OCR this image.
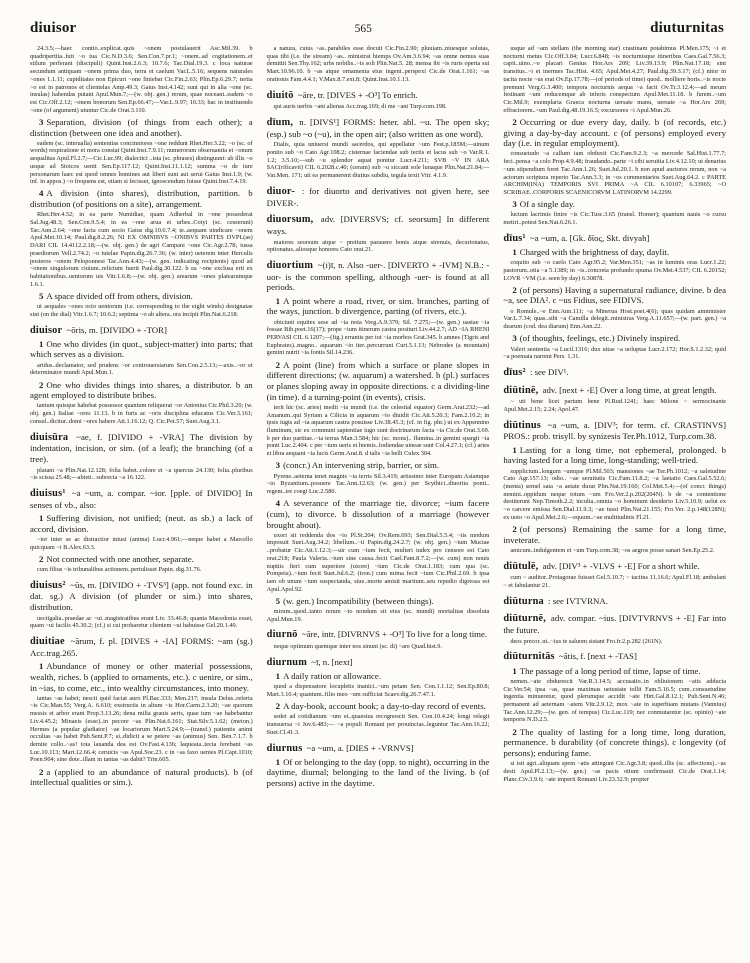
diuisor	565	diuturnitas

24.3.5;—haec contio..explicat..quis ~onem postulauerit Asc.Mil.39. b quadripertita..fuit ~o tua Cic.N.D.3.6; Sen.Con.7.pr.1; ~onem..ad cogitationem..et stilum perferant (discipuli) Quint.Inst.2.6.3; 10.7.6; Tac.Dial.19.3. c loca naturae secundum antiquam ~onem prima duo, terra et caelum Var.L.5.16; sequens naturales ~ones 1.1.11; cupiditates non Epicuri ~one finiebat Cic.Fin.2.63; Plin.Ep.6.29.7; tertia ~o est in patronos et clientelas Amp.49.3; Gaius Inst.4.142; sunt qui in alia ~one (sc. insulas) habendas putant Apul.Mun.7;—(w. obj. gen.) rerum, quae noceant..eadem ~o est Cic.Off.2.12; ~onem bonorum Sen.Ep.66.47;—Var.L.9.97; 10.33; hac in instituendo ~one (of argument) utuntur Cic.de Orat.3.110.

3 Separation, division (of things from each other); a distinction (between one idea and another).

eadem (sc. interualla) sententias concinniores ~one reddunt Rhet.Her.3.22; ~o (sc. of words) respiratione et mora constat Quint.Inst.7.9.11; numerorum obseruantia et ~onum aequalitas Apul.Fl.2.7;—Cic.Luc.99; dialectici ..ista (sc. phrases) distinguunt: ab illis ~o usque ad Stoicos uenit Sen.Ep.117.12; Quint.Inst.11.1.12; summa ~o de iure personarum haec est quod omnes homines aut liberi sunt aut serui Gaius Inst.1.9; (w. inf. in appos.) ~o frequens est, etiam si fecisset, ignoscendum fuisse Quint.Inst.7.4.19.

4 A division (into shares), distribution, partition. b distribution (of positions on a site), arrangement.

Rhet.Her.4.52; in ea parte Numidiae, quam Adherbal in ~one possederat Sal.Jug.48.3; Sen.Con.9.5.4; in ea ~one arua et urbes..Cotyi (sc. cesserunt) Tac.Ann.2.64; ~one facta cum socio Gaius dig.10.6.7.4; te..aequam uindicare ~onem Apul.Met.10.14; Paul.dig.8.2.26; NI EX OMNIBVS ~ONIBVS PARTES DVPL(as) DARI CIL 14.4112.2.18;—(w. obj. gen.) de agri Campani ~one Cic.Agr.2.78; iussa praediorum Vell.2.74.2; ~o tutelae Papin.dig.26.7.36; (w. inter) ueterem inter Herculis posteros ~onem Peloponnesi Tac.Ann.4.43;—(w. gen. indicating recipients) quod ad ~onem singulorum ciuium..relictum fuerit Paul.dig.30.122. b ea ~one exclusa erit ex habitationibus..uentorum uis Vitr.1.6.8;—(w. obj. gen.) arearum ~ones platearumque 1.6.1.

5 A space divided off from others, division.

ut aequales ~ones octo uentorum (i.e. corresponding to the eight winds) designatae sint (on the dial) Vitr.1.6.7; 10.6.2; septima ~o ab altera..ora incipit Plin.Nat.6.218.

diuisor ~ōris, m. [DIVIDO + -TOR]

1 One who divides (in quot., subject-matter) into parts; that which serves as a division.

aridus..declamator, sed prudens ~or controuersiarum Sen.Con.2.5.13;—axis..~or et determinator mundi Apul.Mun.1.

2 One who divides things into shares, a distributor. b an agent employed to distribute bribes.

tantum quisque habebat possessor quantum reliquerat ~or Antonius Cic.Phil.3.20; (w. obj. gen.) Italiae ~ores 11.13. b in furis ac ~oris disciplina educatus Cic.Ver.3.161; consul..dicitur..domi ~ores habere Att.1.16.12; Q. Cic.Pet.57; Suet.Aug.3.1.

diuisūra ~ae, f. [DIVIDO + -VRA] The division by indentation, incision, or sim. (of a leaf); the branching (of a tree).

platani ~a Plin.Nat.12.128; folia habet..colore et ~a quercus 24.130; folia..pluribus ~is scissa 25.48;—abieti.. subrecta ~a 16.122.

diuisus¹ ~a ~um, a. compar. ~ior. [pple. of DIVIDO] In senses of vb., also:

1 Suffering division, not unified; (neut. as sb.) a lack of accord, division.

~ior inter se ac distractior intust (anima) Lucr.4.961;—neque habet a Marcello quicquam ~i B.Alex.63.3.

2 Not connected with one another, separate.

cum filius ~is tribunalibus actionem..pertulisset Papin. dig.31.76.

diuisus² ~ūs, m. [DIVIDO + -TVS³] (app. not found exc. in dat. sg.) A division (of plunder or sim.) into shares, distribution.

uectigalia..praedae ac ~ui..magistratibus erant Liv. 33.46.8; quanta Macedonia esset, quam ~ui facilis 45.30.2; (cf.) si cui probaretur clientem ~ui habuisse Gel.20.1.40.

diuitiae ~ārum, f. pl. [DIVES + -IA] FORMS: ~am (sg.) Acc.trag.265.

1 Abundance of money or other material possessions, wealth, riches. b (applied to ornaments, etc.). c uenire, or sim., in ~ias, to come, etc., into wealthy circumstances, into money.

tantas ~as habet; nescit quid faciat auro Pl.Bac.333; Men.217; insula Delus..referta ~is Cic.Man.55; Verg.A. 6.610; exstructis in altum ~is Hor.Carm.2.3.20; ~ae quorum messis et arbor erant Prop.3.13.26; dena milia grauis aeris, quae tum ~ae habebantur Liv.4.45.2; Minaeis (esse)..in pecore ~as Plin.Nat.6.161; Stat.Silv.5.1.62; (meton.) Hermes (a popular gladiator) ~ae locariorum Mart.5.24.9;—(transf.) patientis animi occultas ~as habet Pub.Sent.P.7; si..didicit a se petere ~as (animus) Sen. Ben.7.1.7. b demite collo..~as! tota lauanda dea est Ov.Fast.4.136; laqueata..tecta ferebant ~as Luc.10.113; Mart.12.66.4; ceruicis ~as Apul.Soc.23. c in ~as faxo uenies Pl.Capt.1010; Poen.904; sine dote..illam in tantas ~as dabit? Trin.605.

2 a (applied to an abundance of natural products). b (of intellectual qualities or sim.).

a natura, cuius ~as..parabiles esse docuit Cic.Fin.2.90; pluuiam..niuesque solutas, quas tibi (i.e. the stream) ~as.. ministrat hiemps Ov.Am.3.6.94; ~as omne nemus suas demittit Sen.Thy.162; urbs nobilis..~is soli Plin.Nat.5. 28; mensa ibi ~is ruris operta sui Mart.10.96.10. b ~as atque ornamenta eius ingeni..perspexi Cic.de Orat.1.161; ~as orationis Fam.4.4.1; V.Max.8.7.ext.8; Quint.Inst.10.1.13.

diuitō ~āre, tr. [DIVES + -O³] To enrich.

qui auris uerbis ~ant alienas Acc.trag.169; di me ~ant Turp.com.198.

dīum, n. [DIVS¹] FORMS: heter. abl. ~u. The open sky; (esp.) sub ~o (~u), in the open air; (also written as one word).

Dialis, quia uniuersi mundi sacerdos, qui appellatur ~um Fest.p.185M;—uinum ponito sub ~o Cato Agr.108.2; cisternae faciendae sub tectis et lacus sub ~o Var.R.1. 1.2; 3.5.10;—sub ~u splendor aquai ponitur Lucr.4.211; SVB ~V IN ARA SAC(rificavit) CIL 6.2028.c.40; (ceram) sub ~u siccant sole lunaque Plin.Nat.21.84;—Var.Men. 171; uti ea permanerent diutius subdiu, tegula texit Vitr. 4.1.9.

diuor- : for diuorto and derivatives not given here, see DIVER-.

diuorsum, adv. [DIVERSVS; cf. seorsum] In different ways.

maiores seorsum atque ~ pretium parauere bonis atque strenuis, decurionatus, optionatus..aliosque honores Cato orat.21.

diuortium ~(i)ī, n. Also -uer-. [DIVERTO + -IVM] N.B.: -uor- is the common spelling, although -uer- is found at all periods.

1 A point where a road, river, or sim. branches, parting of the ways, junction. b divergence, parting (of rivers, etc.).

obiciunt equites sese ad ~ia nota Verg.A.9.379; Sil. 7.275;—(w. gen.) uastae ~ia fossae Bib.poet.16(17); prope ~ium itinerum castra posituri Liv.44.2.7; AD ~IA RHENI PERVASI CIL 6.1207;—(fig.) errantis per tot ~ia morbos Grat.345. b amnes (Tigris and Euphrates)..magno.. aquarum ~io iter..percurrunt Curt.5.1.13; Nebrodes (a mountain) gemini nutrit ~ia fontis Sil.14.236.

2 A point (line) from which a surface or plane slopes in different directions; (w. aquarum) a watershed. b (pl.) surfaces or planes sloping away in opposite directions. c a dividing-line (in time). d a turning-point (in events), crisis.

terit hic (sc. aries) medii ~ia mundi (i.e. the celestial equator) Germ.Arat.232;—ad Amanum..qui Syriam a Cilicia in aquarum ~io diuidit Cic.Att.5.20.3; Fam.2.10.2; in ipsis iugis ad ~ia aquarum castra posuisse Liv.38.45.3; (cf. in fig. phr.) ut ex Appennino fluminum, sic ex communi sapientiae iugo sunt doctrinarum facta ~ia Cic.de Orat.3.69. b per duo partitae..~ia terras Man.3.584; hic (sc. mons).. flumina..in gemini spargit ~ia ponti Luc.2.404. c per ~ium ueris et hiemis..fodiendae uineae sunt Col.4.27.1; (cf.) aries et libra aequant ~ia lucis Germ.Arat.8. d talis ~ia belli Culex 304.

3 (concr.) An intervening strip, barrier, or sim.

Pyrene..aeterna tenet magnis ~ia terris Sil.3.419; artissimo inter Europam Asiamque ~io Byzantium..posuere Tac.Ann.12.63; (w. gen.) per Scythici..diuortia ponti.. regem..ire coegi Luc.2.580.

4 A severance of the marriage tie, divorce; ~ium facere (cum), to divorce. b dissolution of a marriage (however brought about).

uxori sit reddenda dos ~io Pl.St.204; Ov.Rem.693; Sen.Dial.5.5.4; ~iis modum imposuit Suet.Aug.34.2; libellum..~ii Papin.dig.24.2.7; (w. obj. gen.) ~ium Muciae ..probatur Cic.Att.1.12.3;—uir cum ~ium fecit, mulieri iudex pro censore est Cato orat.218; Paula Valeria..~ium sine causa..fecit Cael.Fam.8.7.2;—(w. cum) non nouis nuptiis fieri cum superiore (uxore) ~ium Cic.de Orat.1.183; cum qua (sc. Pompeia)..~ium fecit Suet.Jul.6.2; (iron.) cum mima fecit ~ium Cic.Phil.2.69. b ipsa iam ob unum ~ium suspectanda, siue..morte amisit maritum..seu repudio digressa est Apul.Apol.92.

5 (w. gen.) Incompatibility (between things).

mirum..quod..tanto rerum ~io nondum sit eius (sc. mundi) mortalitas dissoluta Apul.Mun.19.

diurnō ~āre, intr. [DIVRNVS + -O³] To live for a long time.

neque optimum quemque inter nos sinunt (sc. di) ~are Quad.hist.9.

diurnum ~ī, n. [next]

1 A daily ration or allowance.

quod a dispensatore locupletis inanici..~um petam Sen. Con.1.1.12; Sen.Ep.80.8; Mart.3.10.4; quantum..filio meo ~um sufficiat Scaev.dig.26.7.47.1.

2 A day-book, account book; a day-to-day record of events.

sedet ad cotidianum ~um et..quaestus recognoscit Sen. Con.10.4.24; longi relegit transuersa ~i Juv.6.483;— ~a populi Romani per prouincias..leguntur Tac.Ann.16.22; Suet.Cl.41.3.

diurnus ~a ~um, a. [DIES + -VRNVS]

1 Of or belonging to the day (opp. to night), occurring in the daytime, diurnal; belonging to the land of the living. b (of persons) active in the daytime.

usque ad ~am stellam (the morning star) crastinam potabimus Pl.Men.175; ~i et nocturni metus Cic.Off.3.84; Lucr.6.848; ~is nocturnisque itineribus Caes.Gal.7.56.3; capit..uino..~o placari Genius Hor.Ars 209; Liv.39.13.9; Plin.Nat.17.18; sint transitus..~i et inermes Tac.Hist. 4.65; Apul.Met.4.27; Paul.dig.39.3.17; (cf.) nitor in tacita nocte ~us erat Ov.Ep.17.78;—(of periods of time) quod.. molliere horis..~is nocte premunt Verg.G.3.400; tempora nocturnis aequa ~a facit Ov.Tr.3.12.4;—ad meum festinant ~um reducemque ab inferis conspectum Apul.Met.11.18. b furem..~um Cic.Mil.9; exemplaria Graeca nocturna uersate manu, uersate ~a Hor.Ars 269; effractorem..~um Paul.dig.48.19.16.5; excursores ~i Apul.Mun.26.

2 Occurring or due every day, daily. b (of records, etc.) giving a day-by-day account. c (of persons) employed every day (i.e. in regular employment).

consuetudo ~a callum iam obduxit Cic.Fam.9.2.3; ~a mercede Sal.Hist.1.77.7; feci..pensa ~a colo Prop.4.9.48; fraudando..parte ~i cibi seruitia Liv.4.12.10; ut denarius ~um stipendium foret Tac.Ann.1.26; Suet.Jul.20.1. b non apud auctores rerum, non ~a actorum scriptura reperio Tac.Ann.3.3; in ~os commentarios Suet.Aug.64.2. c PARTE ARCHIM(INA) TEMPORIS SVI PRIMA ~A CIL 6.10107; 6.33965; ~O SCRIBAE..CORPORIS SCAENICORVM LATINORVM 14.2299.

3 Of a single day.

luctum lacrimis finire ~is Cic.Tusc.3.65 (transl. Homer); quantum nauis ~o cursu metiri..potest Sen.Nat.6.26.1.

dīus¹ ~a ~um, a. [Gk. δῖος, Skt. divyah]

1 Charged with the brightness of day, daylit.

coquito sub ~o caelo Cato Agr.95.2; Var.Men.351; ~as in luminis oras Lucr.1.22; pastorum..otia ~a 5.1389; in ~is..concreta profundo spuma Ov.Met.4.537; CIL 6.20152; LOVR ~VM (i.e. seen by day) 6.30878.

2 (of persons) Having a supernatural radiance, divine. b dea ~a, see DIA². c ~us Fidius, see FIDIVS.

o Romule..~e Enn.Ann.111; ~a Minerua Host.poet.4(6); quas quidam amminister Var.L.7.34; quas..sibi ~a Camilla delegit..ministras Verg.A.11.657;—(w. part. gen.) ~a dearum (cod. dea diarum) Enn.Ann.22.

3 (of thoughts, feelings, etc.) Divinely inspired.

Valeri sententia ~a Lucil.1316; dux uitae ~a uoluptas Lucr.2.172; Hor.S.1.2.32; quid ~a poemata narrent Pers. 1.31.

dīus² : see DIV¹.

diūtinē, adv. [next + -E] Over a long time, at great length.

~ uti bene licet partum bene Pl.Rud.1241; haec Milone ~ sermocinante Apul.Met.2.15; 2.24; Apol.47.

diūtinus ~a ~um, a. [DIV³; for term. cf. CRASTINVS] PROS.: prob. trisyll. by synizesis Ter.Ph.1012, Turp.com.38.

1 Lasting for a long time, not ephemeral, prolonged. b having lasted for a long time, long-standing; well-tried.

supplicium..longum ~umque Pl.Mil.503; mansiones ~ae Ter.Ph.1012; ~a ualetudine Cato Agr.157.13; odio.. ~ae seruitutis Cic.Fam.11.8.2; ~a laetatio Caes.Gal.5.52.6; (menta) semel sata ~a aetate durat Plin.Nat.19.160; Col.Met.5.4;—(of concr. things) nemini..oppidum neque totum ~um Fro.Ver.2.p.202(204N). b de ~a contentione destiterunt Nep.Timoth.2.2; inculta..omnia ~o hominum desiderio Liv.5.10.9; uelut ex ~o carcere emissa Sen.Dial.11.9.3; ~ae tussi Plin.Nat.21.155; Fro.Ver. 2.p.148(128N); ex uoto ~o Apul.Met.2.6;—equum..~ae multitudinis Fl.21.

2 (of persons) Remaining the same for a long time, inveterate.

amicum..indulgentem et ~um Turp.com.38; ~os aegros posse sanari Sen.Ep.25.2.

diūtulē, adv. [DIV³ + -VLVS + -E] For a short while.

cum ~ auditor..Protagorae fuisset Gel.5.10.7; ~ tacitus 11.16.6; Apul.Fl.18; ambulant ~ et fabulantur 21.

diūturna : see IVTVRNA.

diūturnē, adv. compar. ~ius. [DIVTVRNVS + -E] Far into the future.

deos precor..ut..~ius te saluom sistant Fro.fr.2.p.282 (261N).

diūturnitās ~ātis, f. [next + -TAS]

1 The passage of a long period of time, lapse of time.

nemen..~ate obdurescit Var.R.3.14.5; accusatio..in obliuionem ~atis adducta Cic.Ver.54; ipsa ~as, quae maximas uetustate tollit Fam.5.16.5; cum..consuetudine ingentia minueretur, quod plerumque accidit ~ate Hirt.Gal.8.12.1; Pub.Sent.N.46; permanent ad aeternam ~atem Vitr.2.9.12; mox ~ate in superbiam mutans (Vannius) Tac.Ann.12.29;—(w. gen. of tempus) Cic.Luc.119; nec conmutaretur (sc. opinio) ~ate temporis N.D.2.5.

2 The quality of lasting for a long time, long duration, permanence. b durability (of concrete things). c longevity (of persons); enduring fame.

si isti agri..aliquam spem ~atis attingunt Cic.Agr.3.8; quod..illis (sc. affections)..~as desit Apul.Pl.2.13;—(w. gen.) ~as pacis otium confirmauit Cic.de Orat.1.14; Planc.Civ.3.9.6; ~ate imperii Romani Liv.23.32.9; propter
